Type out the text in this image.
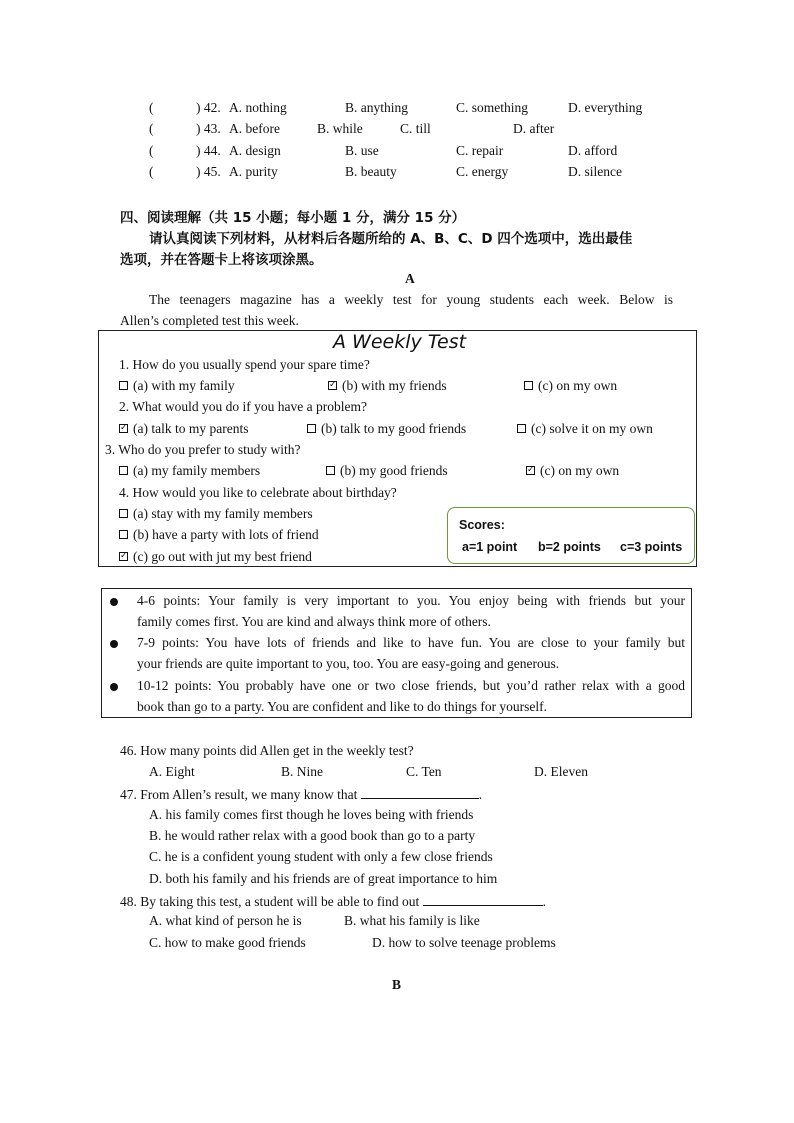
(	) 42. A. nothing	B. anything	C. something	D. everything
(	) 43. A. before	B. while	C. till	D. after
(	) 44. A. design	B. use	C. repair	D. afford
(	) 45. A. purity	B. beauty	C. energy	D. silence
四、阅读理解（共 15 小题；每小题 1 分，满分 15 分）
请认真阅读下列材料，从材料后各题所给的 A、B、C、D 四个选项中，选出最佳
选项，并在答题卡上将该项涂黑。
A
The teenagers magazine has a weekly test for young students each week. Below is
Allen’s completed test this week.
A Weekly Test
1. How do you usually spend your spare time?
(a) with my family	✓ (b) with my friends	(c) on my own
2. What would you do if you have a problem?
✓ (a) talk to my parents	(b) talk to my good friends	(c) solve it on my own
3. Who do you prefer to study with?
(a) my family members	(b) my good friends	✓ (c) on my own
4. How would you like to celebrate about birthday?
(a) stay with my family members
(b) have a party with lots of friend
✓ (c) go out with jut my best friend
Scores:
a=1 point b=2 points c=3 points
4-6 points: Your family is very important to you. You enjoy being with friends but your
family comes first. You are kind and always think more of others.
7-9 points: You have lots of friends and like to have fun. You are close to your family but
your friends are quite important to you, too. You are easy-going and generous.
10-12 points: You probably have one or two close friends, but you’d rather relax with a good
book than go to a party. You are confident and like to do things for yourself.
46. How many points did Allen get in the weekly test?
A. Eight	B. Nine	C. Ten	D. Eleven
47. From Allen’s result, we many know that	.
A. his family comes first though he loves being with friends
B. he would rather relax with a good book than go to a party
C. he is a confident young student with only a few close friends
D. both his family and his friends are of great importance to him
48. By taking this test, a student will be able to find out	.
A. what kind of person he is	B. what his family is like
C. how to make good friends	D. how to solve teenage problems
B
